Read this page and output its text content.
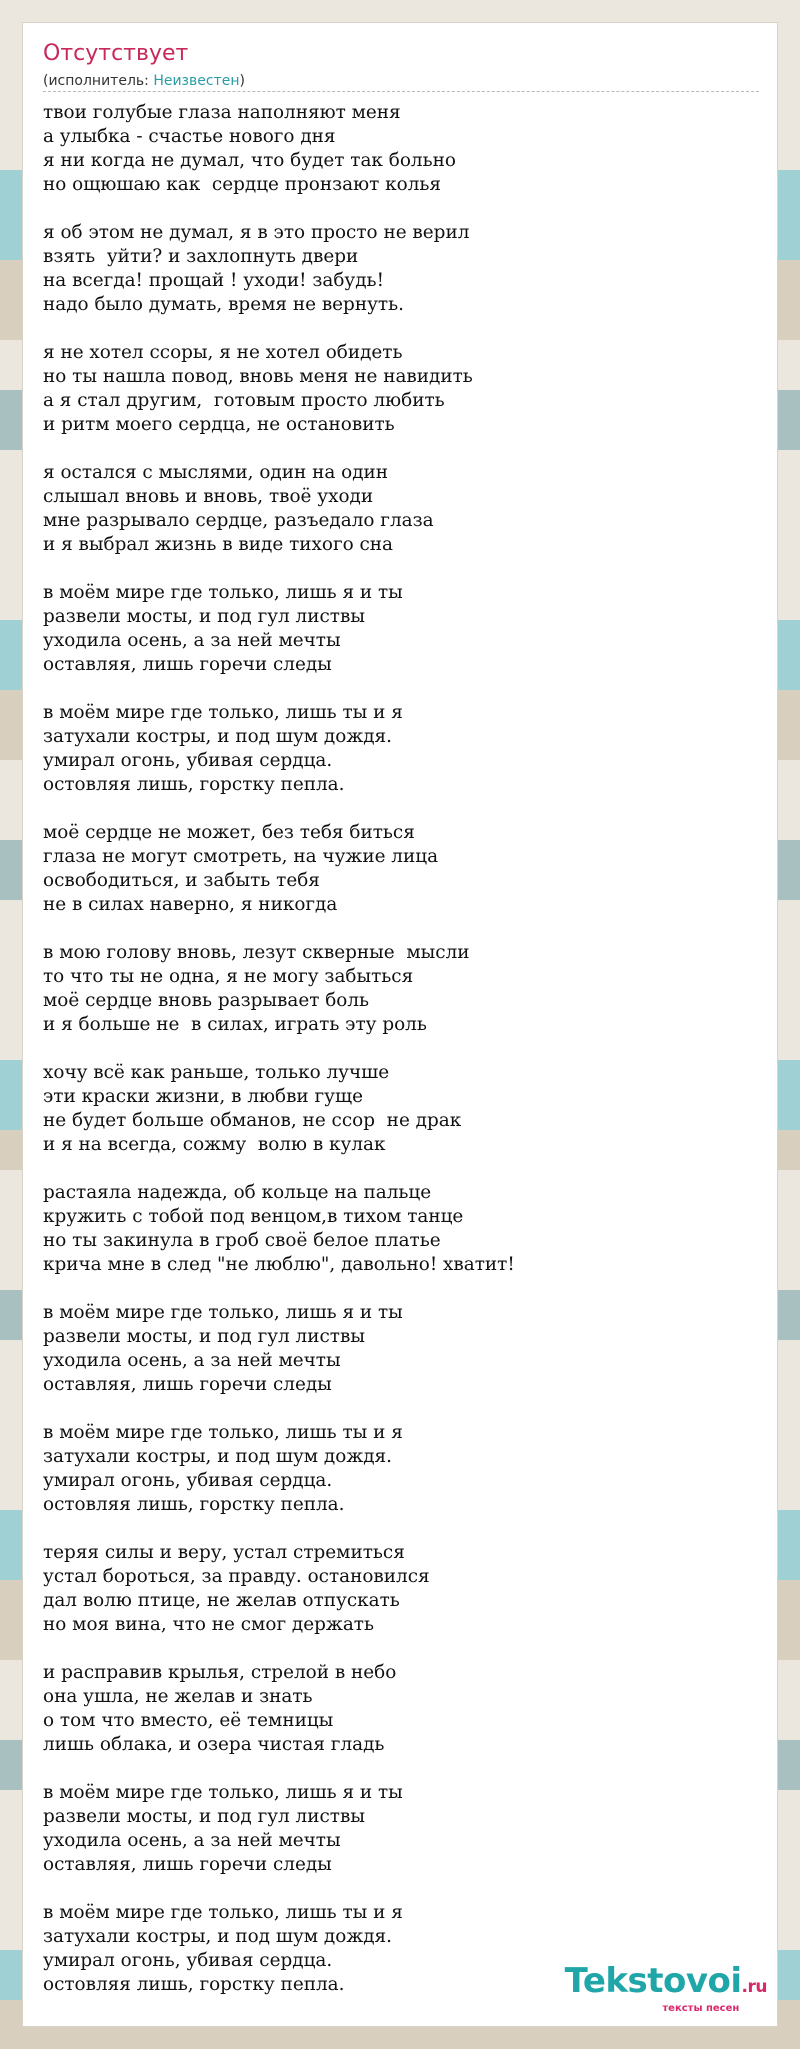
Отсутствует
(исполнитель: Неизвестен)
твои голубые глаза наполняют меня
а улыбка - счастье нового дня
я ни когда не думал, что будет так больно
но ощюшаю как  сердце пронзают колья
я об этом не думал, я в это просто не верил
взять  уйти? и захлопнуть двери
на всегда! прощай ! уходи! забудь!
надо было думать, время не вернуть.
я не хотел ссоры, я не хотел обидеть
но ты нашла повод, вновь меня не навидить
а я стал другим,  готовым просто любить
и ритм моего сердца, не остановить
я остался с мыслями, один на один
слышал вновь и вновь, твоё уходи
мне разрывало сердце, разъедало глаза
и я выбрал жизнь в виде тихого сна
в моём мире где только, лишь я и ты
развели мосты, и под гул листвы
уходила осень, а за ней мечты
оставляя, лишь горечи следы
в моём мире где только, лишь ты и я
затухали костры, и под шум дождя.
умирал огонь, убивая сердца.
остовляя лишь, горстку пепла.
моё сердце не может, без тебя биться
глаза не могут смотреть, на чужие лица
освободиться, и забыть тебя
не в силах наверно, я никогда
в мою голову вновь, лезут скверные  мысли
то что ты не одна, я не могу забыться
моё сердце вновь разрывает боль
и я больше не  в силах, играть эту роль
хочу всё как раньше, только лучше
эти краски жизни, в любви гуще
не будет больше обманов, не ссор  не драк
и я на всегда, сожму  волю в кулак
растаяла надежда, об кольце на пальце
кружить с тобой под венцом,в тихом танце
но ты закинула в гроб своё белое платье
крича мне в след "не люблю", давольно! хватит!
в моём мире где только, лишь я и ты
развели мосты, и под гул листвы
уходила осень, а за ней мечты
оставляя, лишь горечи следы
в моём мире где только, лишь ты и я
затухали костры, и под шум дождя.
умирал огонь, убивая сердца.
остовляя лишь, горстку пепла.
теряя силы и веру, устал стремиться
устал бороться, за правду. остановился
дал волю птице, не желав отпускать
но моя вина, что не смог держать
и расправив крылья, стрелой в небо
она ушла, не желав и знать
о том что вместо, её темницы
лишь облака, и озера чистая гладь
в моём мире где только, лишь я и ты
развели мосты, и под гул листвы
уходила осень, а за ней мечты
оставляя, лишь горечи следы
в моём мире где только, лишь ты и я
затухали костры, и под шум дождя.
умирал огонь, убивая сердца.
остовляя лишь, горстку пепла.	Tekstovoi.ru
тексты песен
